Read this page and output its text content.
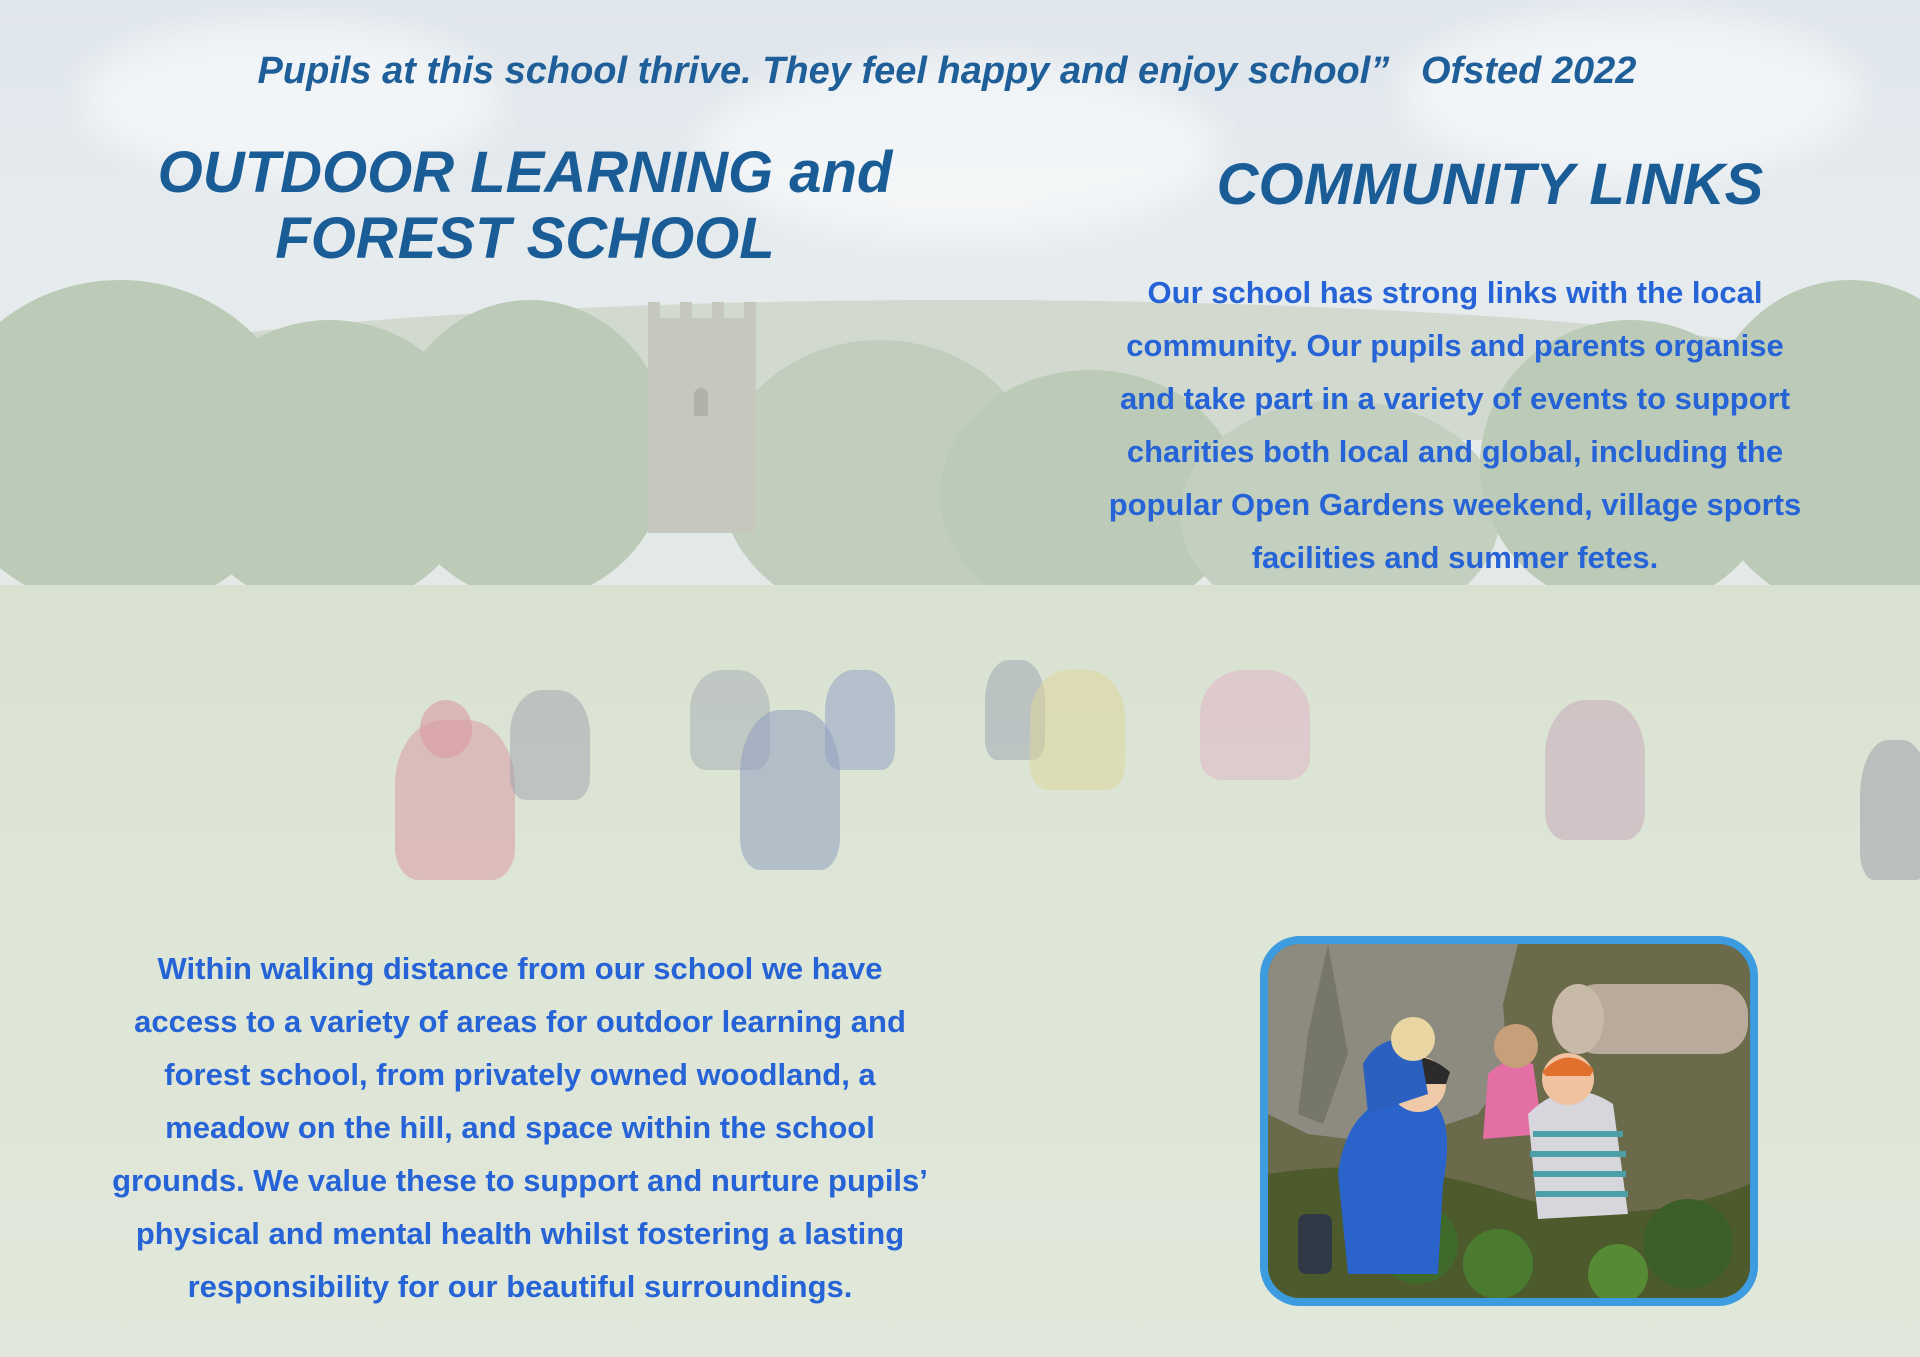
Pupils at this school thrive. They feel happy and enjoy school”   Ofsted 2022

OUTDOOR LEARNING and
FOREST SCHOOL
COMMUNITY LINKS

Our school has strong links with the local
community. Our pupils and parents organise
and take part in a variety of events to support
charities both local and global, including the
popular Open Gardens weekend, village sports
facilities and summer fetes.

Within walking distance from our school we have
access to a variety of areas for outdoor learning and
forest school, from privately owned woodland, a
meadow on the hill, and space within the school
grounds. We value these to support and nurture pupils’
physical and mental health whilst fostering a lasting
responsibility for our beautiful surroundings.
